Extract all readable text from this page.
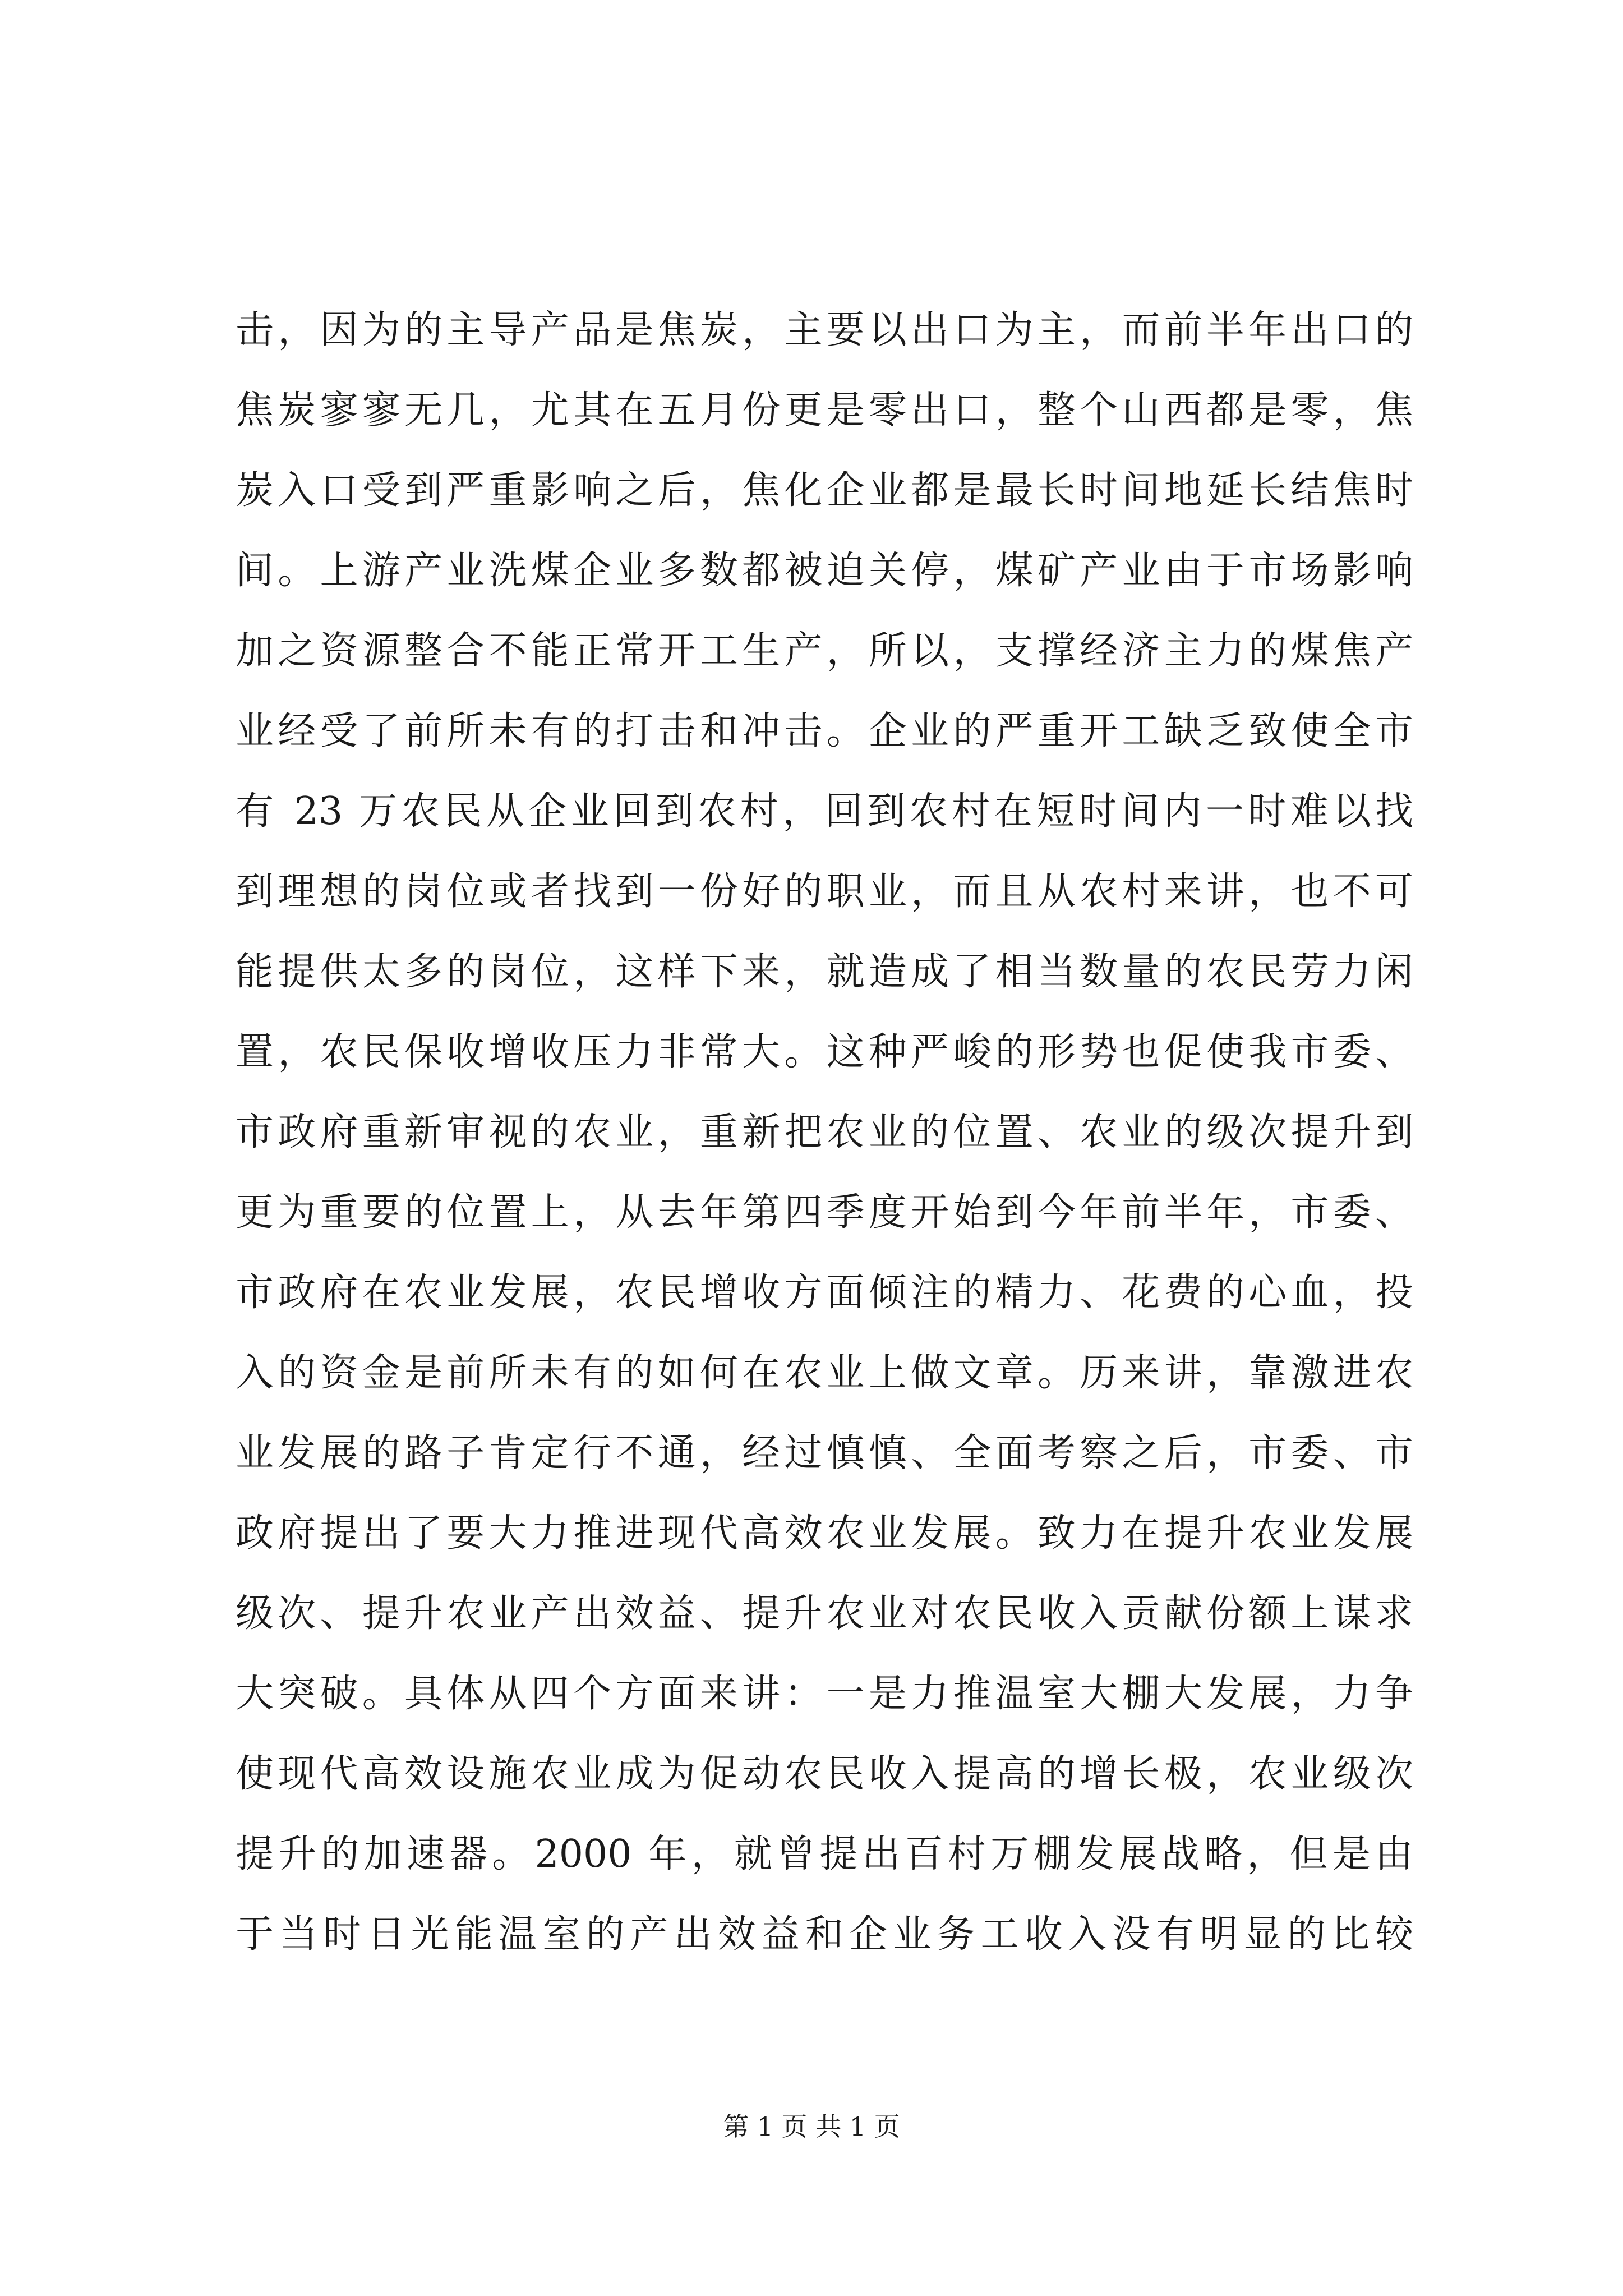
击，因为的主导产品是焦炭，主要以出口为主，而前半年出口的
焦炭寥寥无几，尤其在五月份更是零出口，整个山西都是零，焦
炭入口受到严重影响之后，焦化企业都是最长时间地延长结焦时
间。上游产业洗煤企业多数都被迫关停，煤矿产业由于市场影响
加之资源整合不能正常开工生产，所以，支撑经济主力的煤焦产
业经受了前所未有的打击和冲击。企业的严重开工缺乏致使全市
有 23 万农民从企业回到农村，回到农村在短时间内一时难以找
到理想的岗位或者找到一份好的职业，而且从农村来讲，也不可
能提供太多的岗位，这样下来，就造成了相当数量的农民劳力闲
置，农民保收增收压力非常大。这种严峻的形势也促使我市委、
市政府重新审视的农业，重新把农业的位置、农业的级次提升到
更为重要的位置上，从去年第四季度开始到今年前半年，市委、
市政府在农业发展，农民增收方面倾注的精力、花费的心血，投
入的资金是前所未有的如何在农业上做文章。历来讲，靠激进农
业发展的路子肯定行不通，经过慎慎、全面考察之后，市委、市
政府提出了要大力推进现代高效农业发展。致力在提升农业发展
级次、提升农业产出效益、提升农业对农民收入贡献份额上谋求
大突破。具体从四个方面来讲：一是力推温室大棚大发展，力争
使现代高效设施农业成为促动农民收入提高的增长极，农业级次
提升的加速器。2000 年，就曾提出百村万棚发展战略，但是由
于当时日光能温室的产出效益和企业务工收入没有明显的比较
第 1 页 共 1 页
